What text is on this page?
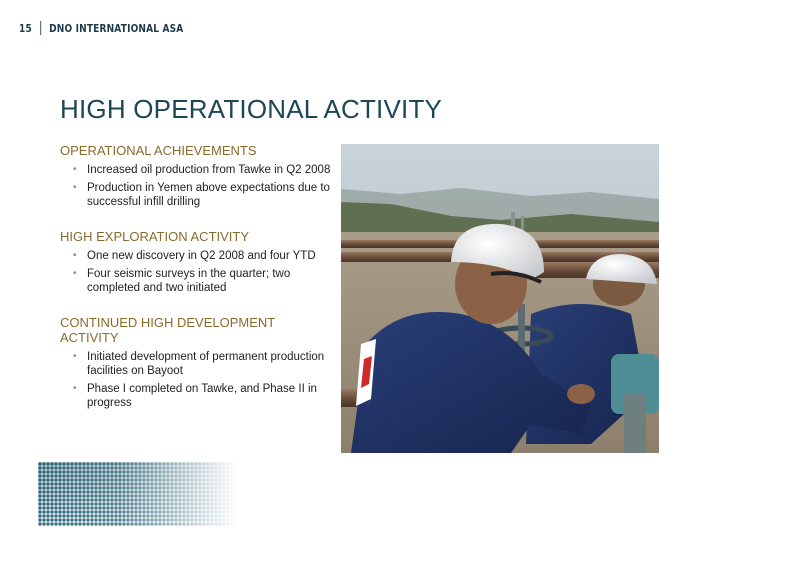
15 DNO INTERNATIONAL ASA
HIGH OPERATIONAL ACTIVITY
OPERATIONAL ACHIEVEMENTS
• Increased oil production from Tawke in Q2 2008
• Production in Yemen above expectations due to successful infill drilling
HIGH EXPLORATION ACTIVITY
• One new discovery in Q2 2008 and four YTD
• Four seismic surveys in the quarter; two completed and two initiated
CONTINUED HIGH DEVELOPMENT ACTIVITY
• Initiated development of permanent production facilities on Bayoot
• Phase I completed on Tawke, and Phase II in progress
